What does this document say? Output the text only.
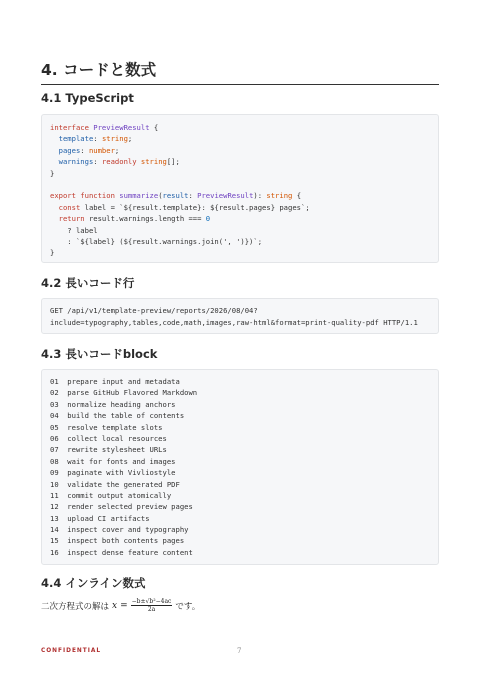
4. コードと数式
4.1 TypeScript
interface PreviewResult {
template: string;
pages: number;
warnings: readonly string[];
}
export function summarize(result: PreviewResult): string {
const label = `${result.template}: ${result.pages} pages`;
return result.warnings.length === 0
? label
: `${label} (${result.warnings.join(', ')})`;
}
4.2 長いコード行
GET /api/v1/template-preview/reports/2026/08/04?
include=typography,tables,code,math,images,raw-html&format=print-quality-pdf HTTP/1.1
4.3 長いコードblock
01  prepare input and metadata
02  parse GitHub Flavored Markdown
03  normalize heading anchors
04  build the table of contents
05  resolve template slots
06  collect local resources
07  rewrite stylesheet URLs
08  wait for fonts and images
09  paginate with Vivliostyle
10  validate the generated PDF
11  commit output atomically
12  render selected preview pages
13  upload CI artifacts
14  inspect cover and typography
15  inspect both contents pages
16  inspect dense feature content
4.4 インライン数式
二次方程式の解は $x = \frac{\text{−b±√b²−4ac}}{2a}$ です。
CONFIDENTIAL	7
